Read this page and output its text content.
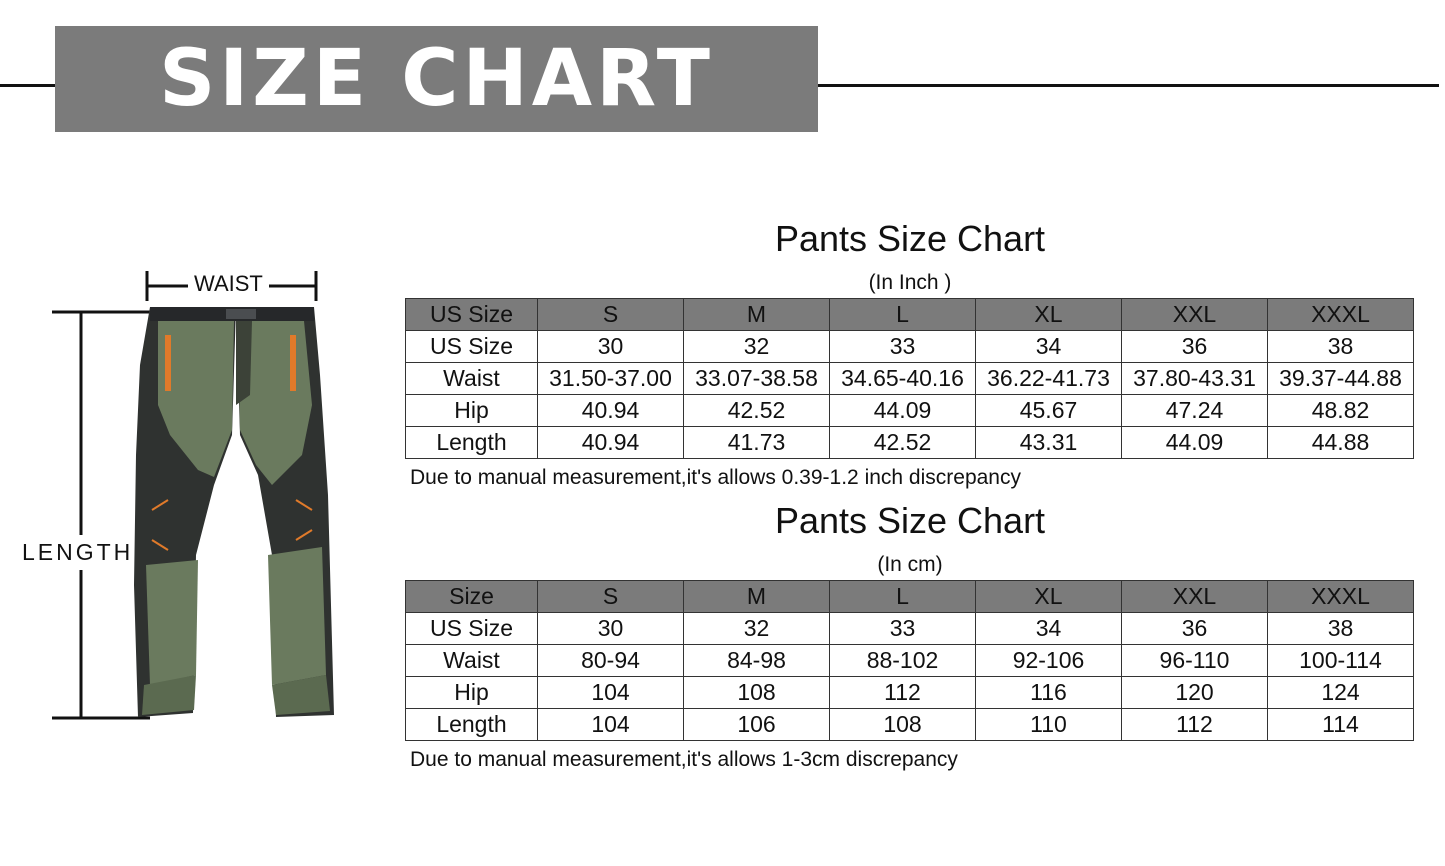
SIZE CHART
WAIST
LENGTH
Pants Size Chart
(In Inch )
US Size	S	M	L	XL	XXL	XXXL
US Size	30	32	33	34	36	38
Waist	31.50-37.00	33.07-38.58	34.65-40.16	36.22-41.73	37.80-43.31	39.37-44.88
Hip	40.94	42.52	44.09	45.67	47.24	48.82
Length	40.94	41.73	42.52	43.31	44.09	44.88
Due to manual measurement,it's allows 0.39-1.2 inch discrepancy
Pants Size Chart
(In cm)
Size	S	M	L	XL	XXL	XXXL
US Size	30	32	33	34	36	38
Waist	80-94	84-98	88-102	92-106	96-110	100-114
Hip	104	108	112	116	120	124
Length	104	106	108	110	112	114
Due to manual measurement,it's allows 1-3cm discrepancy
